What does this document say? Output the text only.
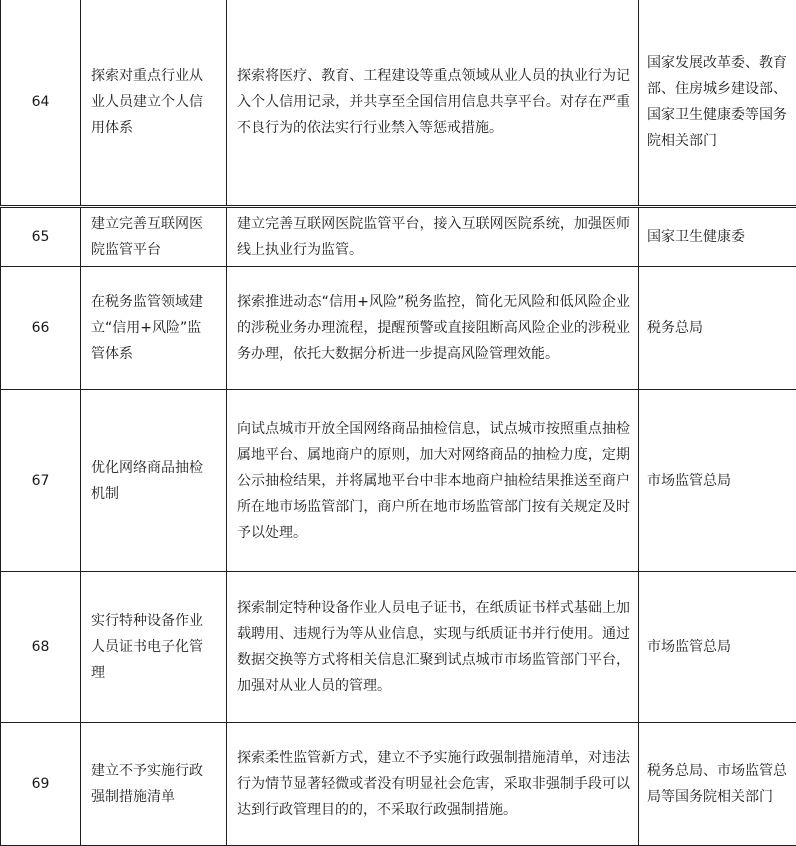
64	探索对重点行业从业人员建立个人信用体系	探索将医疗、教育、工程建设等重点领域从业人员的执业行为记入个人信用记录，并共享至全国信用信息共享平台。对存在严重不良行为的依法实行行业禁入等惩戒措施。	国家发展改革委、教育部、住房城乡建设部、国家卫生健康委等国务院相关部门
65	建立完善互联网医院监管平台	建立完善互联网医院监管平台，接入互联网医院系统，加强医师线上执业行为监管。	国家卫生健康委
66	在税务监管领域建立“信用+风险”监管体系	探索推进动态“信用+风险”税务监控，简化无风险和低风险企业的涉税业务办理流程，提醒预警或直接阻断高风险企业的涉税业务办理，依托大数据分析进一步提高风险管理效能。	税务总局
67	优化网络商品抽检机制	向试点城市开放全国网络商品抽检信息，试点城市按照重点抽检属地平台、属地商户的原则，加大对网络商品的抽检力度，定期公示抽检结果，并将属地平台中非本地商户抽检结果推送至商户所在地市场监管部门，商户所在地市场监管部门按有关规定及时予以处理。	市场监管总局
68	实行特种设备作业人员证书电子化管理	探索制定特种设备作业人员电子证书，在纸质证书样式基础上加载聘用、违规行为等从业信息，实现与纸质证书并行使用。通过数据交换等方式将相关信息汇聚到试点城市市场监管部门平台，加强对从业人员的管理。	市场监管总局
69	建立不予实施行政强制措施清单	探索柔性监管新方式，建立不予实施行政强制措施清单，对违法行为情节显著轻微或者没有明显社会危害，采取非强制手段可以达到行政管理目的的，不采取行政强制措施。	税务总局、市场监管总局等国务院相关部门
